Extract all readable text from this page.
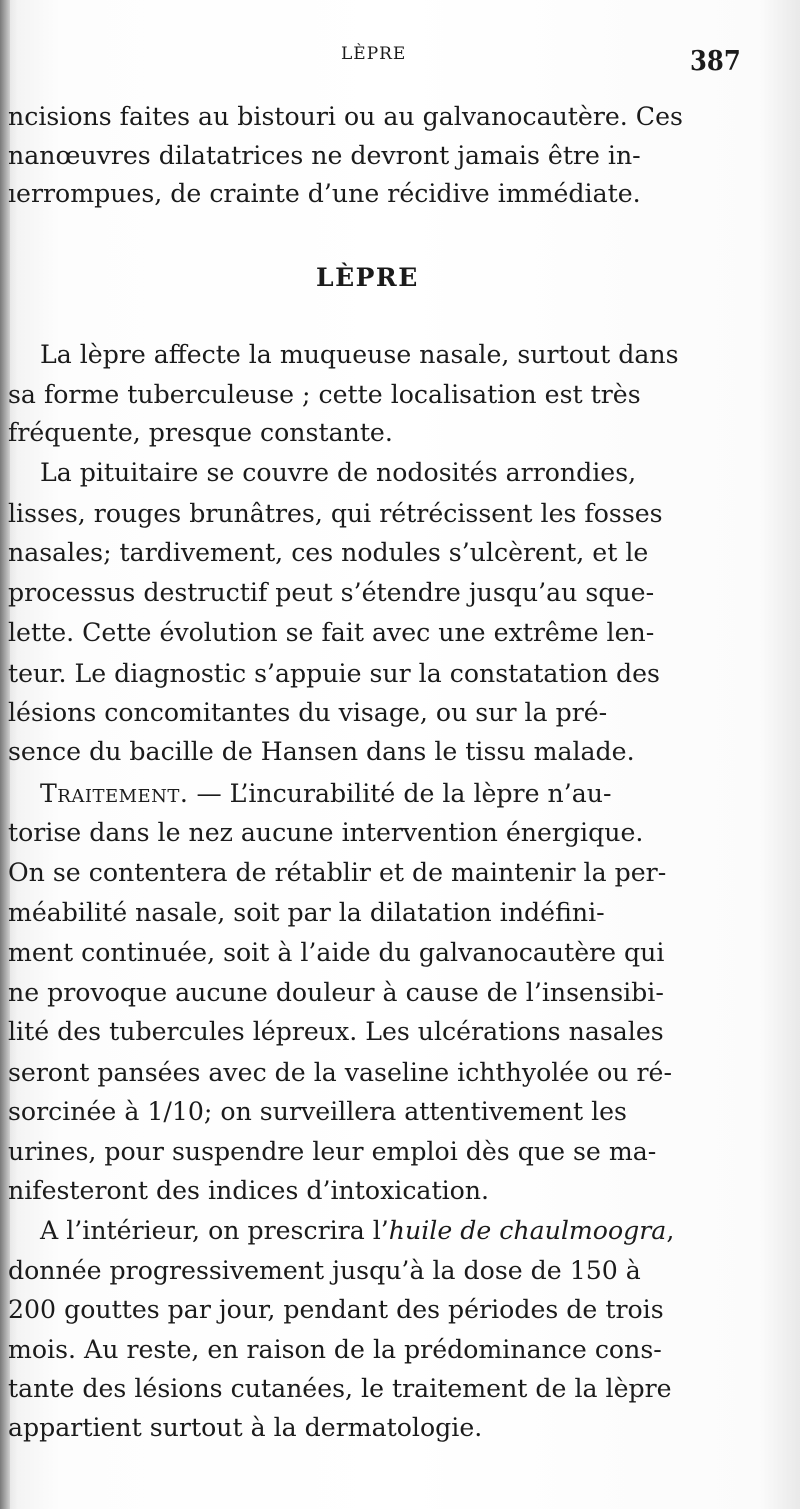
LÈPRE	387
ncisions faites au bistouri ou au galvanocautère. Ces
nanœuvres dilatatrices ne devront jamais être in-
ıerrompues, de crainte d’une récidive immédiate.
LÈPRE
La lèpre affecte la muqueuse nasale, surtout dans
sa forme tuberculeuse ; cette localisation est très
fréquente, presque constante.
La pituitaire se couvre de nodosités arrondies,
lisses, rouges brunâtres, qui rétrécissent les fosses
nasales; tardivement, ces nodules s’ulcèrent, et le
processus destructif peut s’étendre jusqu’au sque-
lette. Cette évolution se fait avec une extrême len-
teur. Le diagnostic s’appuie sur la constatation des
lésions concomitantes du visage, ou sur la pré-
sence du bacille de Hansen dans le tissu malade.
Traitement. — L’incurabilité de la lèpre n’au-
torise dans le nez aucune intervention énergique.
On se contentera de rétablir et de maintenir la per-
méabilité nasale, soit par la dilatation indéfini-
ment continuée, soit à l’aide du galvanocautère qui
ne provoque aucune douleur à cause de l’insensibi-
lité des tubercules lépreux. Les ulcérations nasales
seront pansées avec de la vaseline ichthyolée ou ré-
sorcinée à 1/10; on surveillera attentivement les
urines, pour suspendre leur emploi dès que se ma-
nifesteront des indices d’intoxication.
A l’intérieur, on prescrira l’huile de chaulmoogra,
donnée progressivement jusqu’à la dose de 150 à
200 gouttes par jour, pendant des périodes de trois
mois. Au reste, en raison de la prédominance cons-
tante des lésions cutanées, le traitement de la lèpre
appartient surtout à la dermatologie.
